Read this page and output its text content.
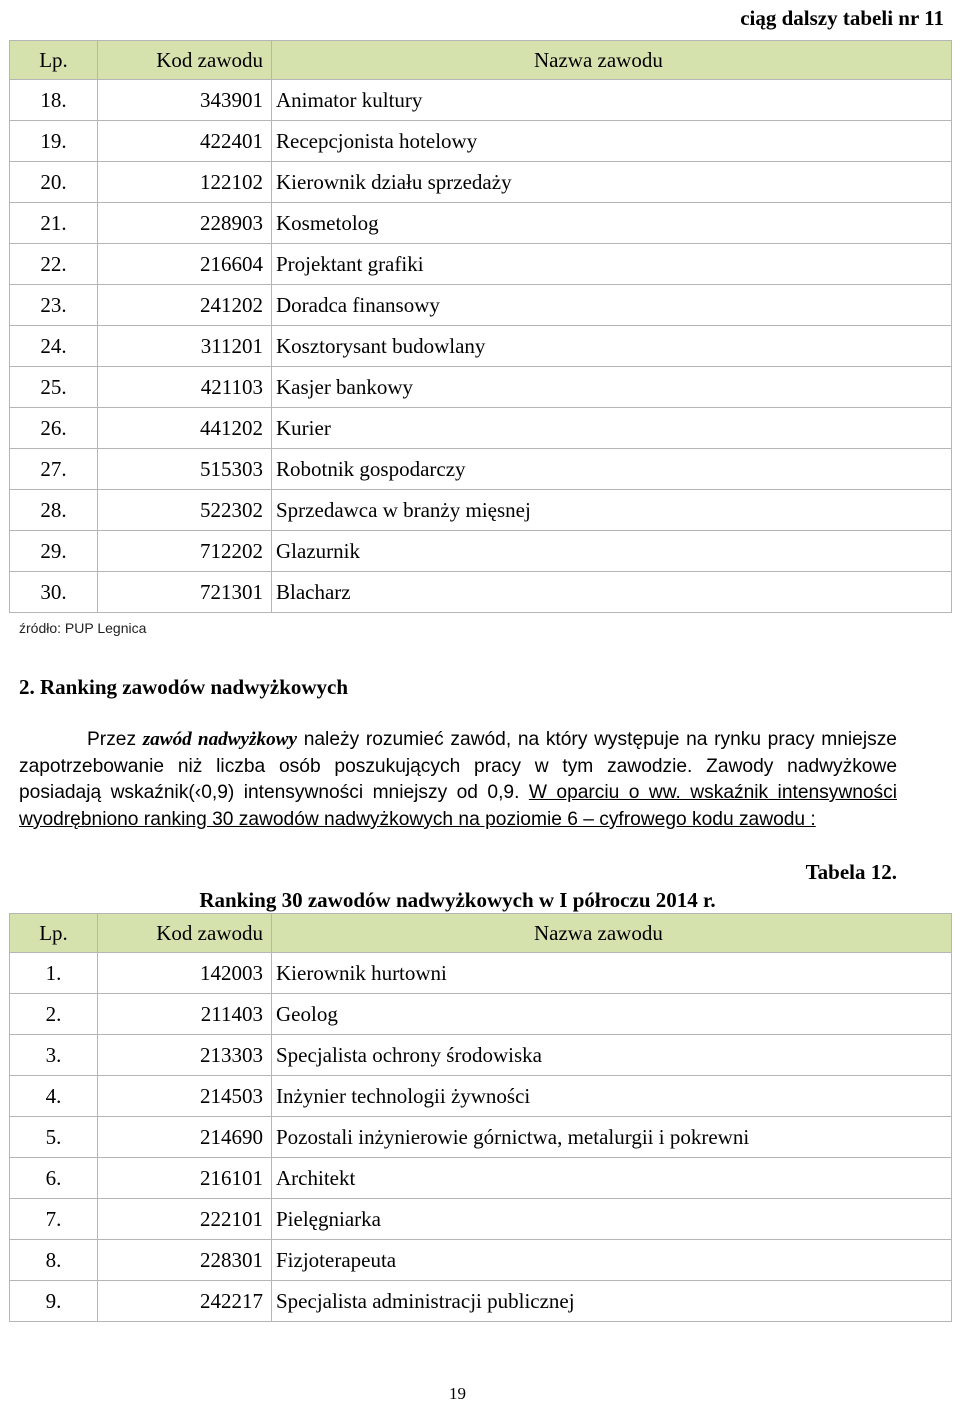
ciąg dalszy tabeli nr 11
Lp.	Kod zawodu	Nazwa zawodu
18.	343901	Animator kultury
19.	422401	Recepcjonista hotelowy
20.	122102	Kierownik działu sprzedaży
21.	228903	Kosmetolog
22.	216604	Projektant grafiki
23.	241202	Doradca finansowy
24.	311201	Kosztorysant budowlany
25.	421103	Kasjer bankowy
26.	441202	Kurier
27.	515303	Robotnik gospodarczy
28.	522302	Sprzedawca w branży mięsnej
29.	712202	Glazurnik
30.	721301	Blacharz
źródło: PUP Legnica
2. Ranking zawodów nadwyżkowych
Przez zawód nadwyżkowy należy rozumieć zawód, na który występuje na rynku pracy mniejsze zapotrzebowanie niż liczba osób poszukujących pracy w tym zawodzie. Zawody nadwyżkowe posiadają wskaźnik(‹0,9) intensywności mniejszy od 0,9. W oparciu o ww. wskaźnik intensywności wyodrębniono ranking 30 zawodów nadwyżkowych na poziomie 6 – cyfrowego kodu zawodu :
Tabela 12.
Ranking 30 zawodów nadwyżkowych w I półroczu 2014 r.
Lp.	Kod zawodu	Nazwa zawodu
1.	142003	Kierownik hurtowni
2.	211403	Geolog
3.	213303	Specjalista ochrony środowiska
4.	214503	Inżynier technologii żywności
5.	214690	Pozostali inżynierowie górnictwa, metalurgii i pokrewni
6.	216101	Architekt
7.	222101	Pielęgniarka
8.	228301	Fizjoterapeuta
9.	242217	Specjalista administracji publicznej
19
